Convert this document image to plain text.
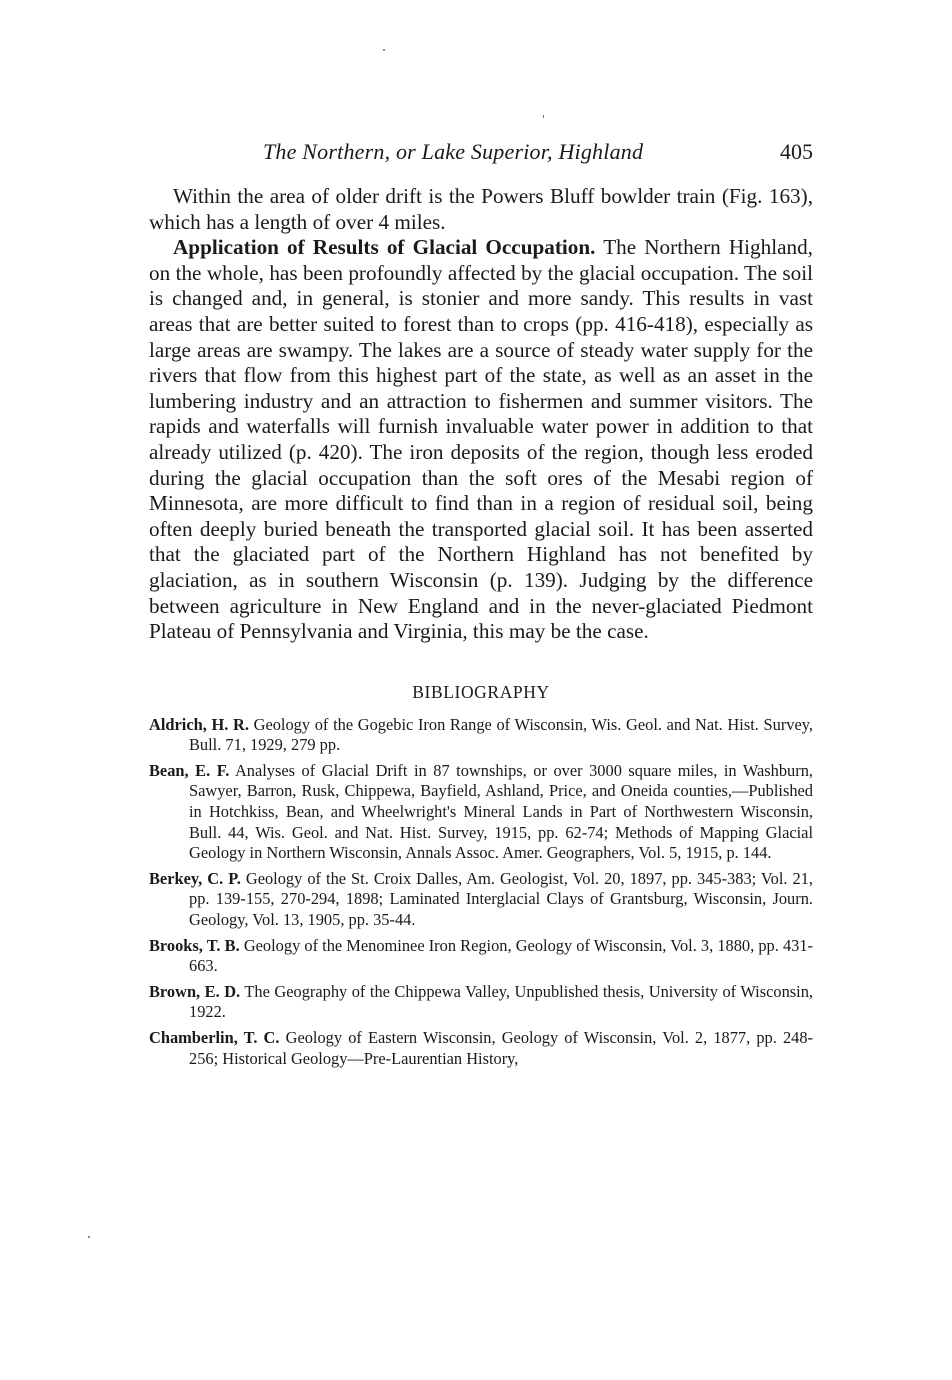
The Northern, or Lake Superior, Highland	405

Within the area of older drift is the Powers Bluff bowlder train (Fig. 163), which has a length of over 4 miles.

Application of Results of Glacial Occupation. The Northern Highland, on the whole, has been profoundly affected by the glacial occupation. The soil is changed and, in general, is stonier and more sandy. This results in vast areas that are better suited to forest than to crops (pp. 416-418), especially as large areas are swampy. The lakes are a source of steady water supply for the rivers that flow from this highest part of the state, as well as an asset in the lumbering industry and an attraction to fishermen and summer visitors. The rapids and waterfalls will furnish invaluable water power in addition to that already utilized (p. 420). The iron deposits of the region, though less eroded during the glacial occupation than the soft ores of the Mesabi region of Minnesota, are more difficult to find than in a region of residual soil, being often deeply buried beneath the transported glacial soil. It has been asserted that the glaciated part of the Northern Highland has not benefited by glaciation, as in southern Wisconsin (p. 139). Judging by the difference between agriculture in New England and in the never-glaciated Piedmont Plateau of Pennsylvania and Virginia, this may be the case.

BIBLIOGRAPHY
Aldrich, H. R. Geology of the Gogebic Iron Range of Wisconsin, Wis. Geol. and Nat. Hist. Survey, Bull. 71, 1929, 279 pp.
Bean, E. F. Analyses of Glacial Drift in 87 townships, or over 3000 square miles, in Washburn, Sawyer, Barron, Rusk, Chippewa, Bayfield, Ashland, Price, and Oneida counties,—Published in Hotchkiss, Bean, and Wheelwright's Mineral Lands in Part of Northwestern Wisconsin, Bull. 44, Wis. Geol. and Nat. Hist. Survey, 1915, pp. 62-74; Methods of Mapping Glacial Geology in Northern Wisconsin, Annals Assoc. Amer. Geographers, Vol. 5, 1915, p. 144.
Berkey, C. P. Geology of the St. Croix Dalles, Am. Geologist, Vol. 20, 1897, pp. 345-383; Vol. 21, pp. 139-155, 270-294, 1898; Laminated Interglacial Clays of Grantsburg, Wisconsin, Journ. Geology, Vol. 13, 1905, pp. 35-44.
Brooks, T. B. Geology of the Menominee Iron Region, Geology of Wisconsin, Vol. 3, 1880, pp. 431-663.
Brown, E. D. The Geography of the Chippewa Valley, Unpublished thesis, University of Wisconsin, 1922.
Chamberlin, T. C. Geology of Eastern Wisconsin, Geology of Wisconsin, Vol. 2, 1877, pp. 248-256; Historical Geology—Pre-Laurentian History,
